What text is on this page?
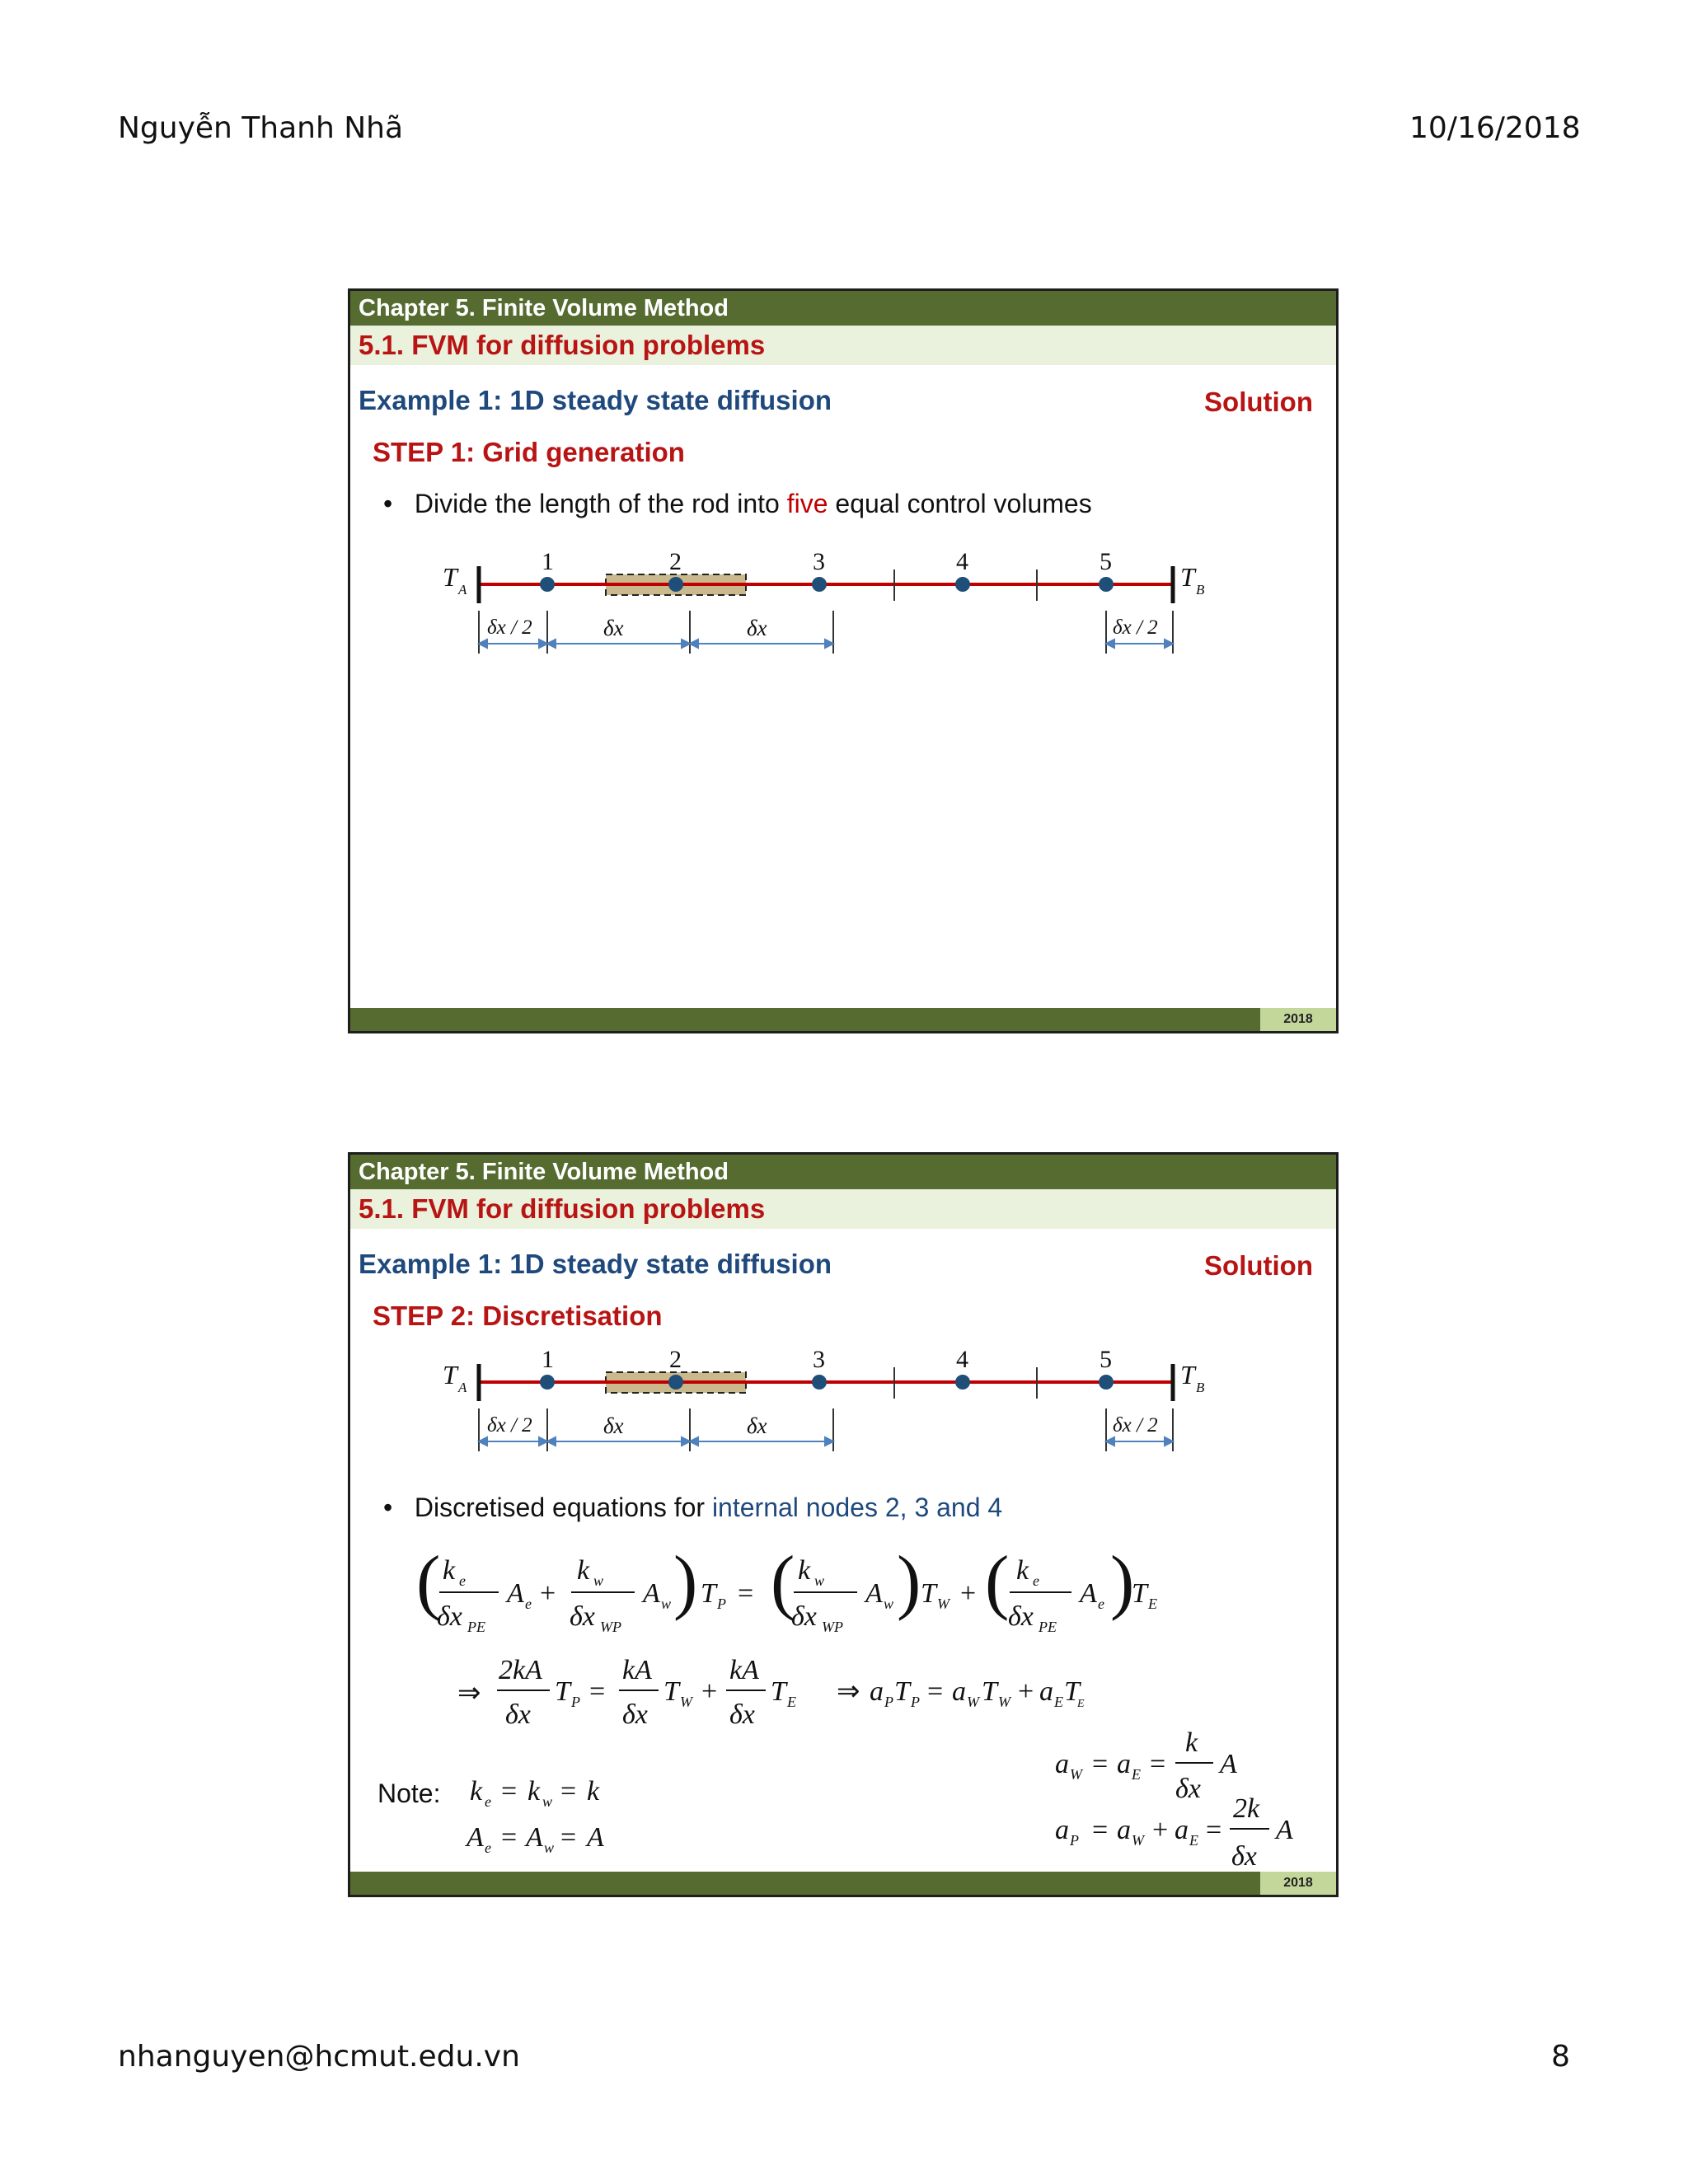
Nguyễn Thanh Nhã	10/16/2018
Chapter 5. Finite Volume Method
5.1. FVM for diffusion problems
Example 1: 1D steady state diffusion	Solution
STEP 1: Grid generation
• Divide the length of the rod into five equal control volumes
2018
T A	T B
1	2	3	4	5
δx / 2	δx	δx	δx / 2
Chapter 5. Finite Volume Method
5.1. FVM for diffusion problems
Example 1: 1D steady state diffusion	Solution
STEP 2: Discretisation
• Discretised equations for internal nodes 2, 3 and 4
( k e
δx PE
A e +
k w
δx WP
A w ) T P = ( k w
δx WP
A w ) T W + ( k e
δx PE
A e )
T E
⇒
2kA
δx
T P =
kA
δx
T W +
kA
δx
T E ⇒ a P T P = a W T W + a E T
E
Note: k e = k w = k
A e = A w = A
a W = a E =
k
δx
A
a P = a W + a E =
2k
δx
A
2018
T A	T B
1	2	3	4	5
δx / 2	δx	δx	δx / 2
nhanguyen@hcmut.edu.vn	8
